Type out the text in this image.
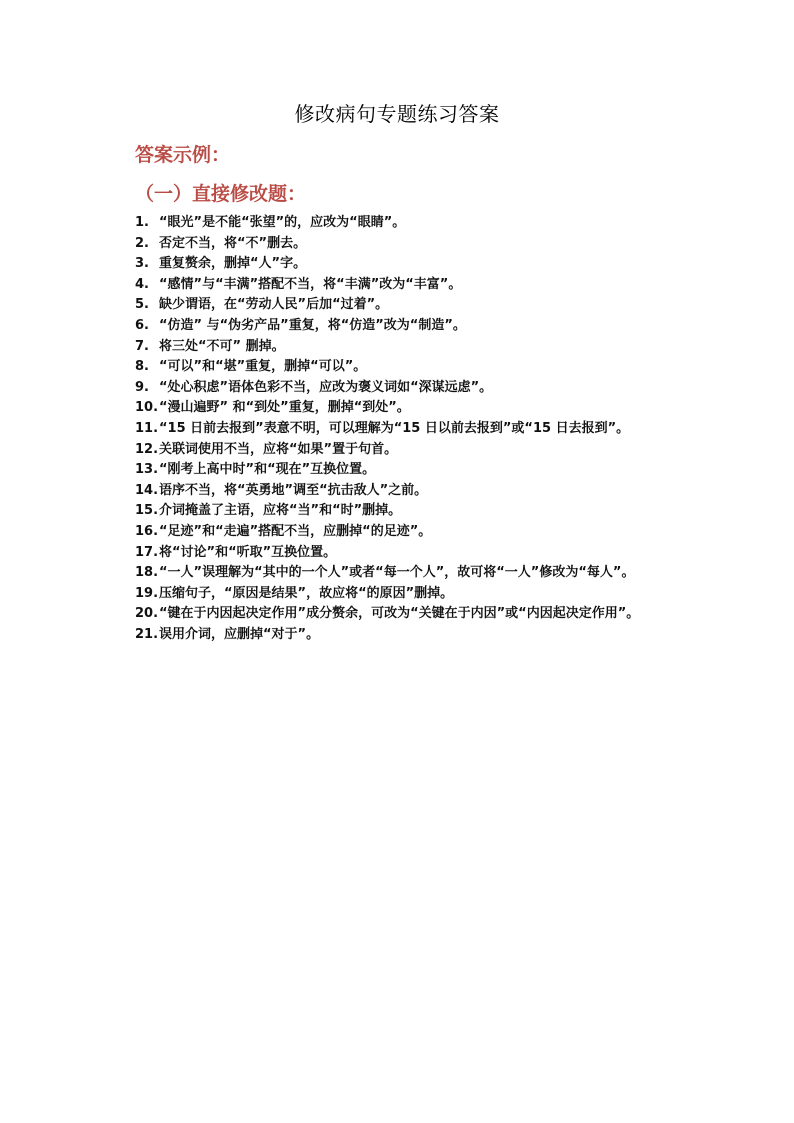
修改病句专题练习答案
答案示例：
（一）直接修改题：
1. “眼光”是不能“张望”的，应改为“眼睛”。
2. 否定不当，将“不”删去。
3. 重复赘余，删掉“人”字。
4. “感情”与“丰满”搭配不当，将“丰满”改为“丰富”。
5. 缺少谓语，在“劳动人民”后加“过着”。
6. “仿造” 与“伪劣产品”重复，将“仿造”改为“制造”。
7. 将三处“不可” 删掉。
8. “可以”和“堪”重复，删掉“可以”。
9. “处心积虑”语体色彩不当，应改为褒义词如“深谋远虑”。
10. “漫山遍野” 和“到处”重复，删掉“到处”。
11. “15 日前去报到”表意不明，可以理解为“15 日以前去报到”或“15 日去报到”。
12. 关联词使用不当，应将“如果”置于句首。
13. “刚考上高中时”和“现在”互换位置。
14. 语序不当，将“英勇地”调至“抗击敌人”之前。
15. 介词掩盖了主语，应将“当”和“时”删掉。
16. “足迹”和“走遍”搭配不当，应删掉“的足迹”。
17. 将“讨论”和“听取”互换位置。
18. “一人”误理解为“其中的一个人”或者“每一个人”，故可将“一人”修改为“每人”。
19. 压缩句子，“原因是结果”，故应将“的原因”删掉。
20. “键在于内因起决定作用”成分赘余，可改为“关键在于内因”或“内因起决定作用”。
21. 误用介词，应删掉“对于”。
